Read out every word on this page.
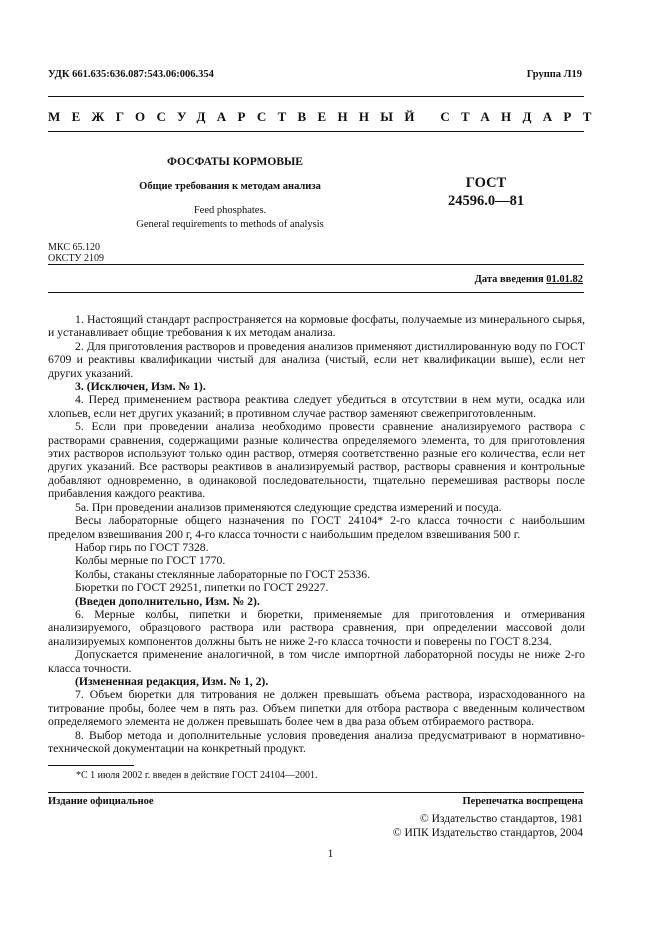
УДК 661.635:636.087:543.06:006.354	Группа Л19
МЕЖГОСУДАРСТВЕННЫЙ СТАНДАРТ
ФОСФАТЫ КОРМОВЫЕ
Общие требования к методам анализа
Feed phosphates.
General requirements to methods of analysis
ГОСТ
24596.0—81
МКС 65.120
ОКСТУ 2109
Дата введения 01.01.82

1. Настоящий стандарт распространяется на кормовые фосфаты, получаемые из минерального сырья, и устанавливает общие требования к их методам анализа.

2. Для приготовления растворов и проведения анализов применяют дистиллированную воду по ГОСТ 6709 и реактивы квалификации чистый для анализа (чистый, если нет квалификации выше), если нет других указаний.

3. (Исключен, Изм. № 1).

4. Перед применением раствора реактива следует убедиться в отсутствии в нем мути, осадка или хлопьев, если нет других указаний; в противном случае раствор заменяют свежеприготовленным.

5. Если при проведении анализа необходимо провести сравнение анализируемого раствора с растворами сравнения, содержащими разные количества определяемого элемента, то для приготовления этих растворов используют только один раствор, отмеряя соответственно разные его количества, если нет других указаний. Все растворы реактивов в анализируемый раствор, растворы сравнения и контрольные добавляют одновременно, в одинаковой последовательности, тщательно перемешивая растворы после прибавления каждого реактива.

5а. При проведении анализов применяются следующие средства измерений и посуда.

Весы лабораторные общего назначения по ГОСТ 24104* 2-го класса точности с наибольшим пределом взвешивания 200 г, 4-го класса точности с наибольшим пределом взвешивания 500 г.

Набор гирь по ГОСТ 7328.

Колбы мерные по ГОСТ 1770.

Колбы, стаканы стеклянные лабораторные по ГОСТ 25336.

Бюретки по ГОСТ 29251, пипетки по ГОСТ 29227.

(Введен дополнительно, Изм. № 2).

6. Мерные колбы, пипетки и бюретки, применяемые для приготовления и отмеривания анализируемого, образцового раствора или раствора сравнения, при определении массовой доли анализируемых компонентов должны быть не ниже 2-го класса точности и поверены по ГОСТ 8.234.

Допускается применение аналогичной, в том числе импортной лабораторной посуды не ниже 2-го класса точности.

(Измененная редакция, Изм. № 1, 2).

7. Объем бюретки для титрования не должен превышать объема раствора, израсходованного на титрование пробы, более чем в пять раз. Объем пипетки для отбора раствора с введенным количеством определяемого элемента не должен превышать более чем в два раза объем отбираемого раствора.

8. Выбор метода и дополнительные условия проведения анализа предусматривают в нормативно-технической документации на конкретный продукт.

*С 1 июля 2002 г. введен в действие ГОСТ 24104—2001.
Издание официальное	Перепечатка воспрещена
© Издательство стандартов, 1981
© ИПК Издательство стандартов, 2004
1
